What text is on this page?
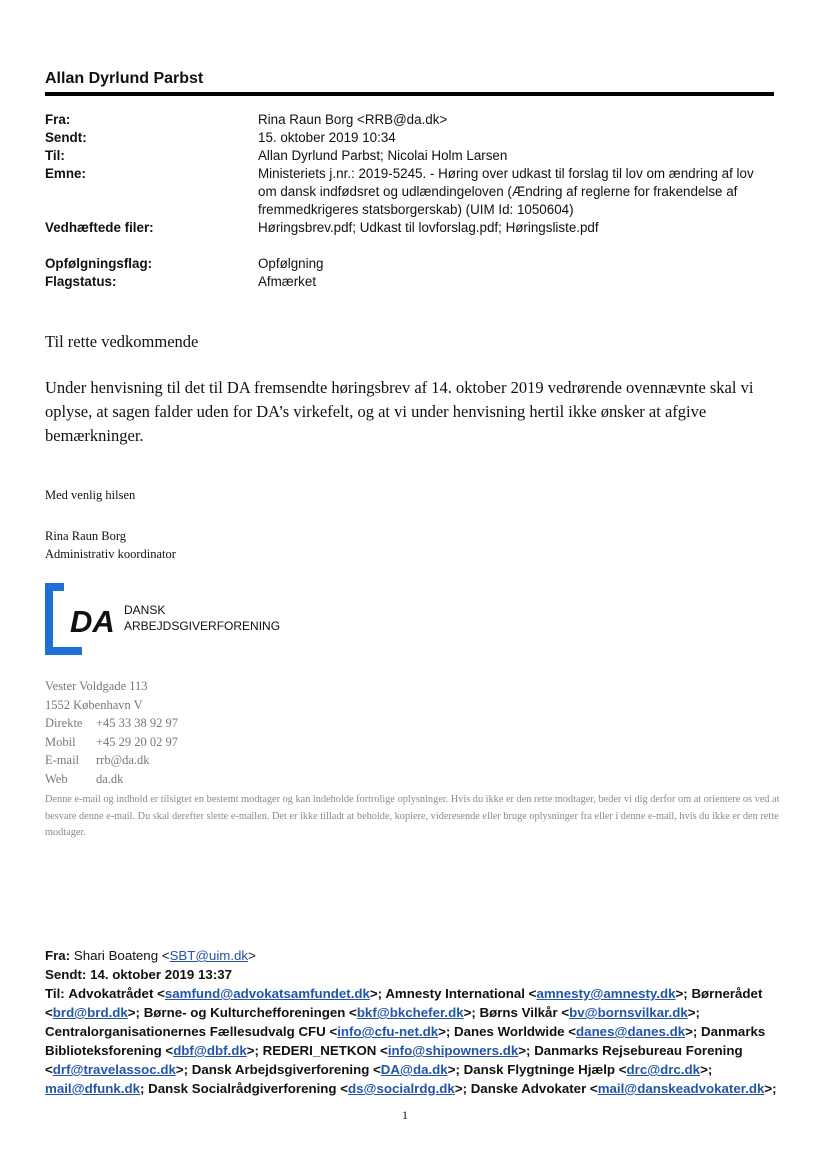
Allan Dyrlund Parbst
Fra:	Rina Raun Borg <RRB@da.dk>
Sendt:	15. oktober 2019 10:34
Til:	Allan Dyrlund Parbst; Nicolai Holm Larsen
Emne:	Ministeriets j.nr.: 2019-5245. - Høring over udkast til forslag til lov om ændring af lov om dansk indfødsret og udlændingeloven (Ændring af reglerne for frakendelse af fremmedkrigeres statsborgerskab) (UIM Id: 1050604)
Vedhæftede filer:	Høringsbrev.pdf; Udkast til lovforslag.pdf; Høringsliste.pdf
Opfølgningsflag:	Opfølgning
Flagstatus:	Afmærket
Til rette vedkommende
Under henvisning til det til DA fremsendte høringsbrev af 14. oktober 2019 vedrørende ovennævnte skal vi oplyse, at sagen falder uden for DA’s virkefelt, og at vi under henvisning hertil ikke ønsker at afgive bemærkninger.
Med venlig hilsen
Rina Raun Borg
Administrativ koordinator
DA DANSK
ARBEJDSGIVERFORENING
Vester Voldgade 113
1552 København V
Direkte	+45 33 38 92 97
Mobil	+45 29 20 02 97
E-mail	rrb@da.dk
Web	da.dk
Denne e-mail og indhold er tilsigtet en bestemt modtager og kan indeholde fortrolige oplysninger. Hvis du ikke er den rette modtager, beder vi dig derfor om at orientere os ved at besvare denne e-mail. Du skal derefter slette e-mailen. Det er ikke tilladt at beholde, kopiere, videresende eller bruge oplysninger fra eller i denne e-mail, hvis du ikke er den rette modtager.
Fra: Shari Boateng <SBT@uim.dk>
Sendt: 14. oktober 2019 13:37
Til: Advokatrådet <samfund@advokatsamfundet.dk>; Amnesty International <amnesty@amnesty.dk>; Børnerådet <brd@brd.dk>; Børne- og Kulturchefforeningen <bkf@bkchefer.dk>; Børns Vilkår <bv@bornsvilkar.dk>; Centralorganisationernes Fællesudvalg CFU <info@cfu-net.dk>; Danes Worldwide <danes@danes.dk>; Danmarks Biblioteksforening <dbf@dbf.dk>; REDERI_NETKON <info@shipowners.dk>; Danmarks Rejsebureau Forening <drf@travelassoc.dk>; Dansk Arbejdsgiverforening <DA@da.dk>; Dansk Flygtninge Hjælp <drc@drc.dk>; mail@dfunk.dk; Dansk Socialrådgiverforening <ds@socialrdg.dk>; Danske Advokater <mail@danskeadvokater.dk>;
1
